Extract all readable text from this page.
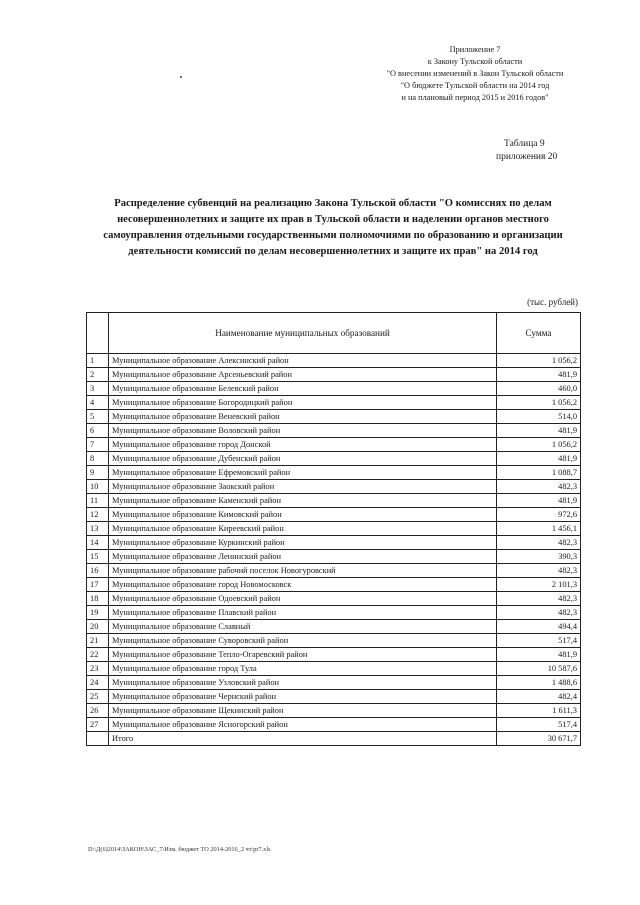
Приложение 7
к Закону Тульской области
"О внесении изменений в Закон Тульской области
"О бюджете Тульской области на 2014 год
и на плановый период 2015 и 2016 годов"
Таблица 9
приложения 20
Распределение субвенций на реализацию Закона Тульской области "О комиссиях по делам несовершеннолетних и защите их прав в Тульской области и наделении органов местного самоуправления отдельными государственными полномочиями по образованию и организации деятельности комиссий по делам несовершеннолетних и защите их прав" на 2014 год
(тыс. рублей)
	Наименование муниципальных образований	Сумма
1	Муниципальное образование Алексинский район	1 056,2
2	Муниципальное образование Арсеньевский район	481,9
3	Муниципальное образование Белевский район	460,0
4	Муниципальное образование Богородицкий район	1 056,2
5	Муниципальное образование Веневский район	514,0
6	Муниципальное образование Воловский район	481,9
7	Муниципальное образование город Донской	1 056,2
8	Муниципальное образование Дубенский район	481,9
9	Муниципальное образование Ефремовский район	1 088,7
10	Муниципальное образование Заокский район	482,3
11	Муниципальное образование Каменский район	481,9
12	Муниципальное образование Кимовский район	972,6
13	Муниципальное образование Киреевский район	1 456,1
14	Муниципальное образование Куркинский район	482,3
15	Муниципальное образование Ленинский район	390,3
16	Муниципальное образование рабочий поселок Новогуровский	482,3
17	Муниципальное образование город Новомосковск	2 101,3
18	Муниципальное образование Одоевский район	482,3
19	Муниципальное образование Плавский район	482,3
20	Муниципальное образование Славный	494,4
21	Муниципальное образование Суворовский район	517,4
22	Муниципальное образование Тепло-Огаревский район	481,9
23	Муниципальное образование город Тула	10 587,6
24	Муниципальное образование Узловский район	1 488,6
25	Муниципальное образование Чернский район	482,4
26	Муниципальное образование Щекинский район	1 611,3
27	Муниципальное образование Ясногорский район	517,4
	Итого	30 671,7
D:\Д(6)2014\ЗАКОН\ЗАС_7\Изм. бюджет ТО 2014-2016_2 чт\pr7.xls
